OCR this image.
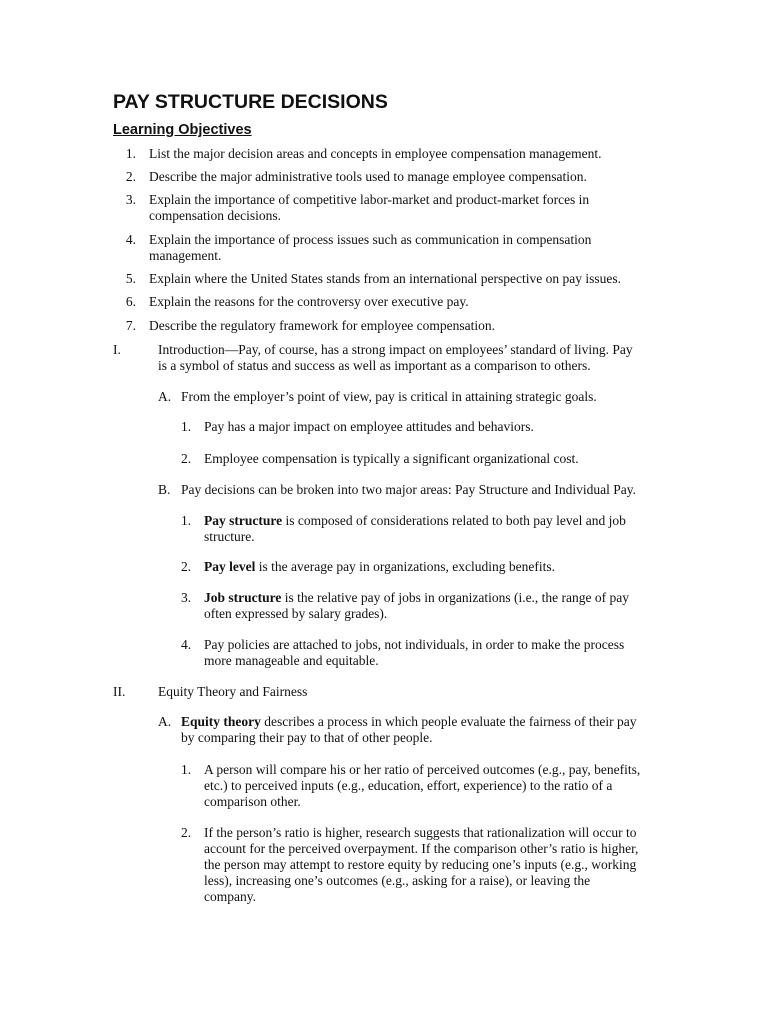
PAY STRUCTURE DECISIONS
Learning Objectives
1. List the major decision areas and concepts in employee compensation management.
2. Describe the major administrative tools used to manage employee compensation.
3. Explain the importance of competitive labor-market and product-market forces in
compensation decisions.
4. Explain the importance of process issues such as communication in compensation
management.
5. Explain where the United States stands from an international perspective on pay issues.
6. Explain the reasons for the controversy over executive pay.
7. Describe the regulatory framework for employee compensation.
I.	Introduction—Pay, of course, has a strong impact on employees’ standard of living. Pay
is a symbol of status and success as well as important as a comparison to others.
A. From the employer’s point of view, pay is critical in attaining strategic goals.
1. Pay has a major impact on employee attitudes and behaviors.
2. Employee compensation is typically a significant organizational cost.
B. Pay decisions can be broken into two major areas: Pay Structure and Individual Pay.
1. Pay structure is composed of considerations related to both pay level and job
structure.
2. Pay level is the average pay in organizations, excluding benefits.
3. Job structure is the relative pay of jobs in organizations (i.e., the range of pay
often expressed by salary grades).
4. Pay policies are attached to jobs, not individuals, in order to make the process
more manageable and equitable.
II. Equity Theory and Fairness
A. Equity theory describes a process in which people evaluate the fairness of their pay
by comparing their pay to that of other people.
1. A person will compare his or her ratio of perceived outcomes (e.g., pay, benefits,
etc.) to perceived inputs (e.g., education, effort, experience) to the ratio of a
comparison other.
2. If the person’s ratio is higher, research suggests that rationalization will occur to
account for the perceived overpayment. If the comparison other’s ratio is higher,
the person may attempt to restore equity by reducing one’s inputs (e.g., working
less), increasing one’s outcomes (e.g., asking for a raise), or leaving the
company.
